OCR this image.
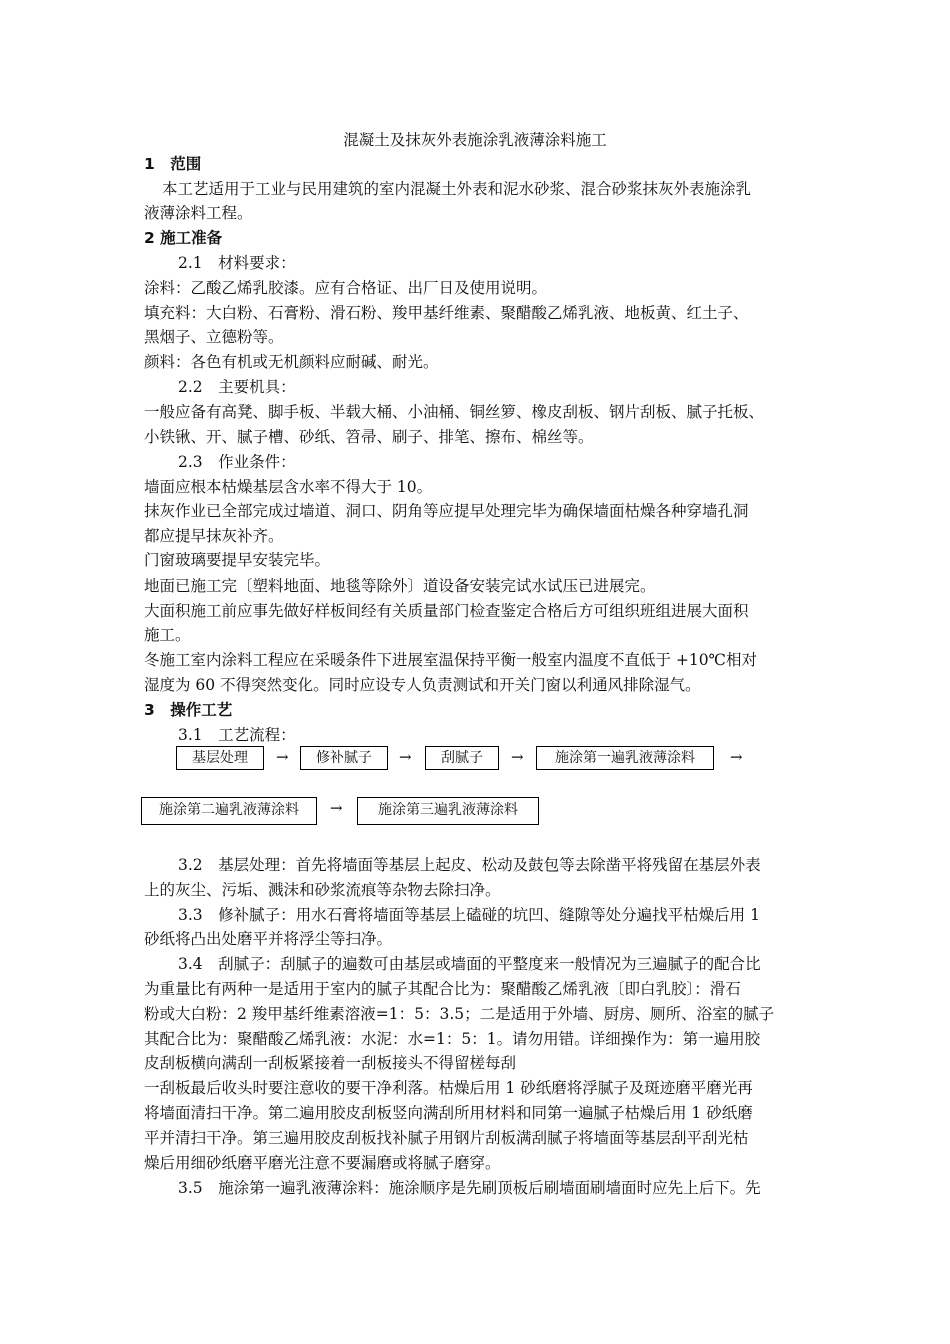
混凝土及抹灰外表施涂乳液薄涂料施工
1　范围
本工艺适用于工业与民用建筑的室内混凝土外表和泥水砂浆、混合砂浆抹灰外表施涂乳
液薄涂料工程。
2 施工准备
2.1　材料要求：
涂料：乙酸乙烯乳胶漆。应有合格证、出厂日及使用说明。
填充料：大白粉、石膏粉、滑石粉、羧甲基纤维素、聚醋酸乙烯乳液、地板黄、红土子、
黑烟子、立德粉等。
颜料：各色有机或无机颜料应耐碱、耐光。
2.2　主要机具：
一般应备有高凳、脚手板、半载大桶、小油桶、铜丝箩、橡皮刮板、钢片刮板、腻子托板、
小铁锹、开、腻子槽、砂纸、笤帚、刷子、排笔、擦布、棉丝等。
2.3　作业条件：
墙面应根本枯燥基层含水率不得大于 10。
抹灰作业已全部完成过墙道、洞口、阴角等应提早处理完毕为确保墙面枯燥各种穿墙孔洞
都应提早抹灰补齐。
门窗玻璃要提早安装完毕。
地面已施工完〔塑料地面、地毯等除外〕道设备安装完试水试压已进展完。
大面积施工前应事先做好样板间经有关质量部门检查鉴定合格后方可组织班组进展大面积
施工。
冬施工室内涂料工程应在采暖条件下进展室温保持平衡一般室内温度不直低于 +10℃相对
湿度为 60 不得突然变化。同时应设专人负责测试和开关门窗以利通风排除湿气。
3　操作工艺
3.1　工艺流程：
基层处理	→	修补腻子	→	刮腻子	→	施涂第一遍乳液薄涂料	→
施涂第二遍乳液薄涂料	→	施涂第三遍乳液薄涂料
3.2　基层处理：首先将墙面等基层上起皮、松动及鼓包等去除凿平将残留在基层外表
上的灰尘、污垢、溅沫和砂浆流痕等杂物去除扫净。
3.3　修补腻子：用水石膏将墙面等基层上磕碰的坑凹、缝隙等处分遍找平枯燥后用 1
砂纸将凸出处磨平并将浮尘等扫净。
3.4　刮腻子：刮腻子的遍数可由基层或墙面的平整度来一般情况为三遍腻子的配合比
为重量比有两种一是适用于室内的腻子其配合比为：聚醋酸乙烯乳液〔即白乳胶〕：滑石
粉或大白粉：2 羧甲基纤维素溶液=1：5：3.5；二是适用于外墙、厨房、厕所、浴室的腻子
其配合比为：聚醋酸乙烯乳液：水泥：水=1：5：1。请勿用错。详细操作为：第一遍用胶
皮刮板横向满刮一刮板紧接着一刮板接头不得留槎每刮
一刮板最后收头时要注意收的要干净利落。枯燥后用 1 砂纸磨将浮腻子及斑迹磨平磨光再
将墙面清扫干净。第二遍用胶皮刮板竖向满刮所用材料和同第一遍腻子枯燥后用 1 砂纸磨
平并清扫干净。第三遍用胶皮刮板找补腻子用钢片刮板满刮腻子将墙面等基层刮平刮光枯
燥后用细砂纸磨平磨光注意不要漏磨或将腻子磨穿。
3.5　施涂第一遍乳液薄涂料：施涂顺序是先刷顶板后刷墙面刷墙面时应先上后下。先
